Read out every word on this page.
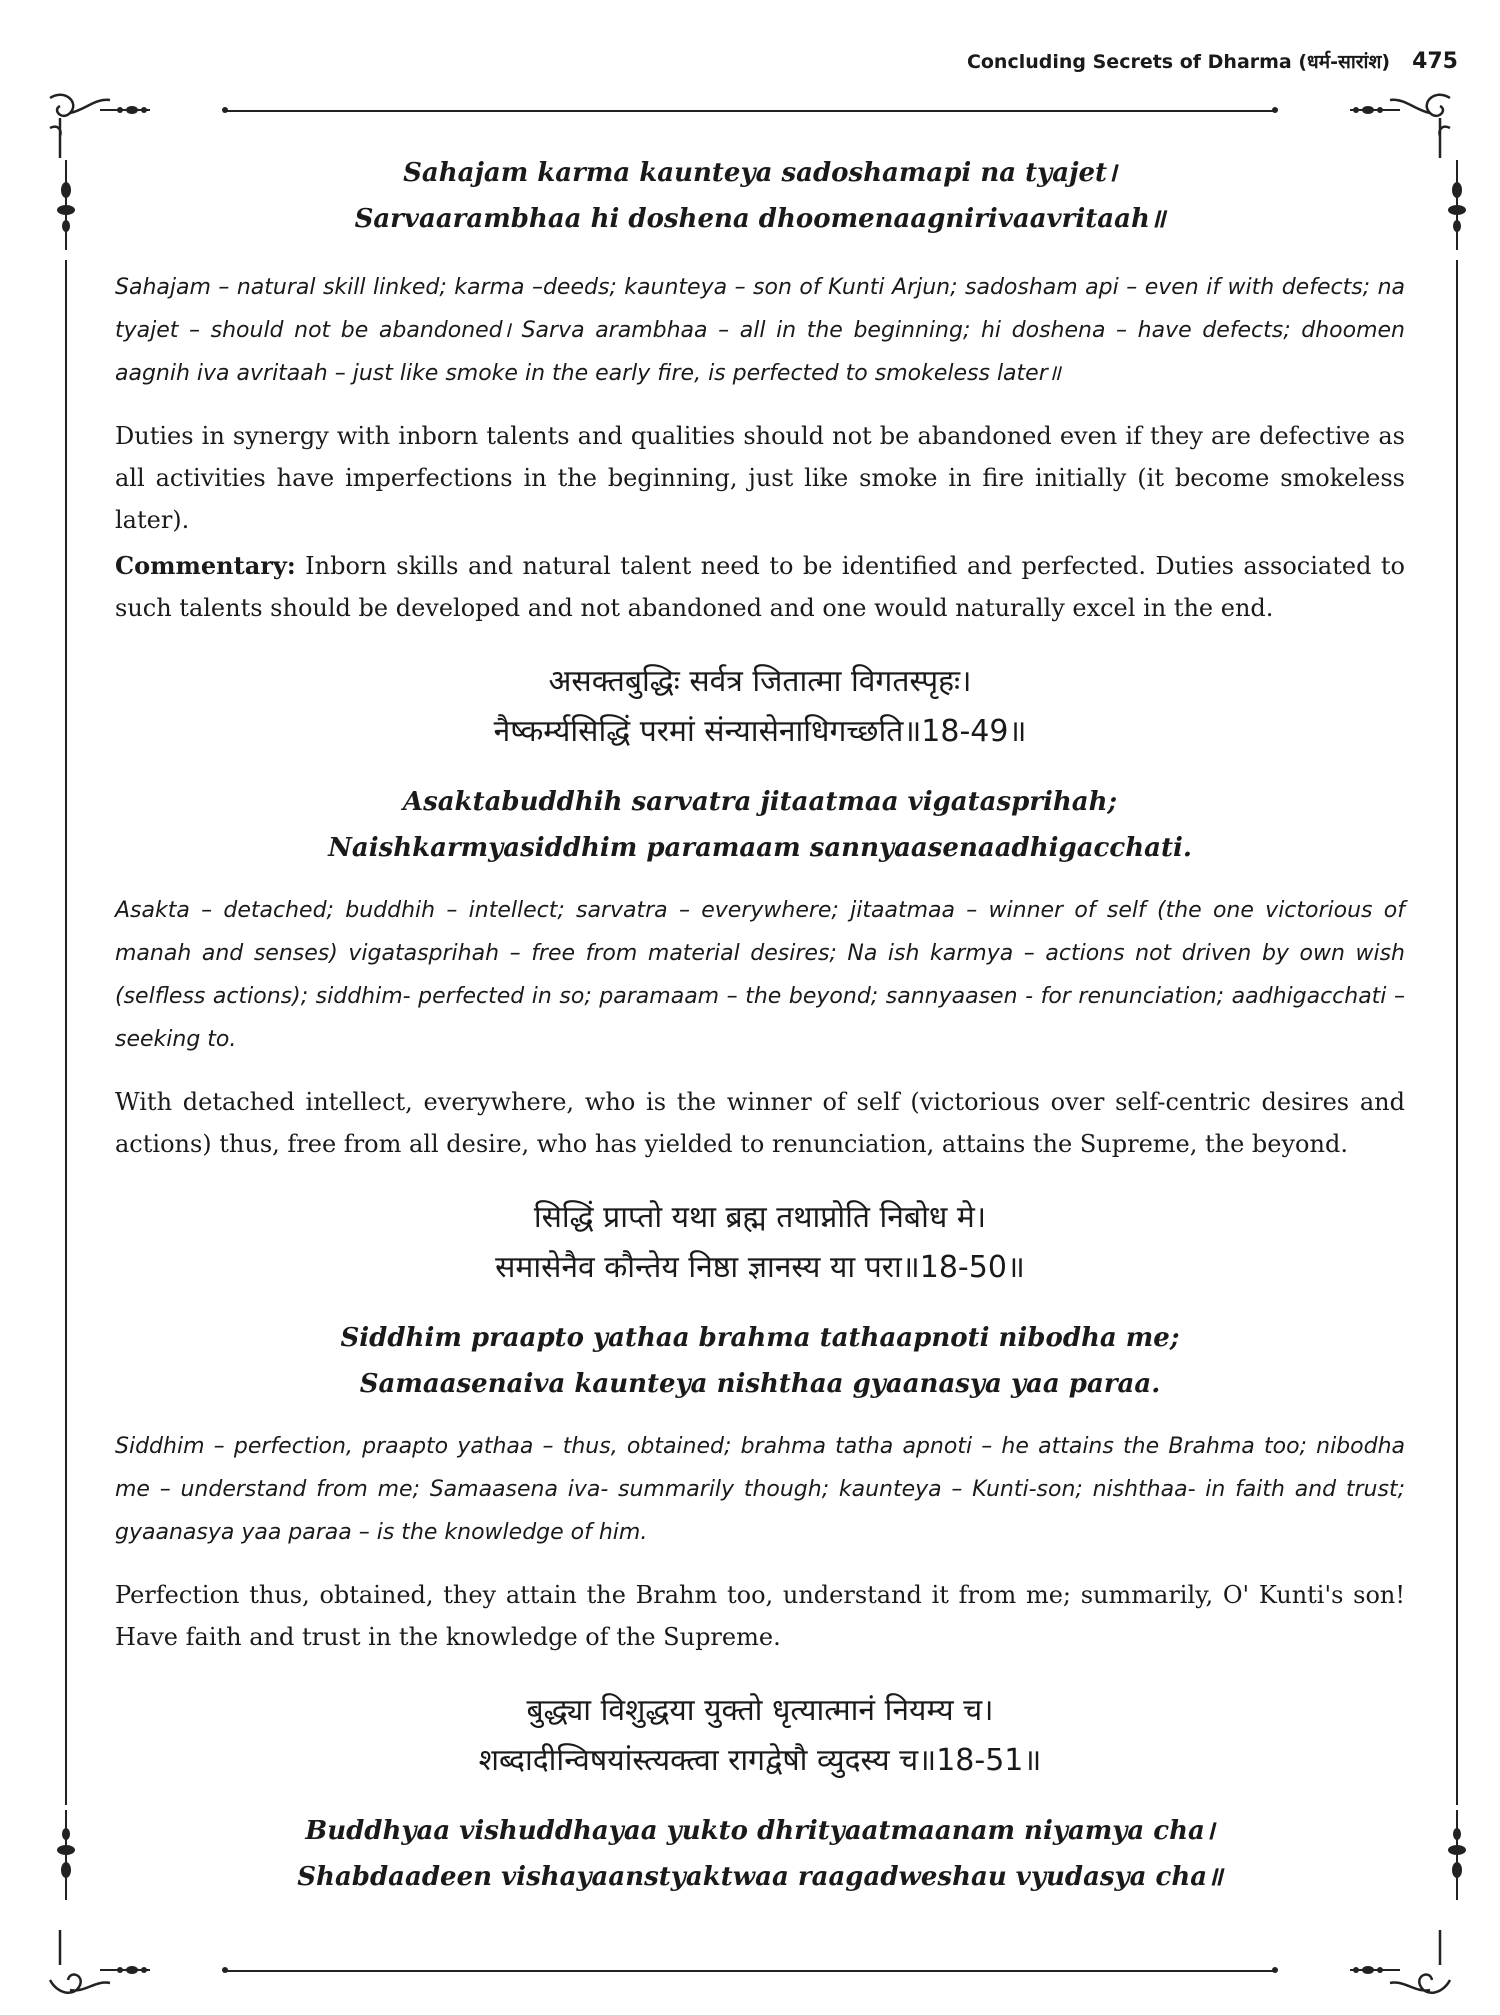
Concluding Secrets of Dharma (धर्म-सारांश) 475

Sahajam karma kaunteya sadoshamapi na tyajet।

Sarvaarambhaa hi doshena dhoomenaagnirivaavritaah॥

Sahajam – natural skill linked; karma –deeds; kaunteya – son of Kunti Arjun; sadosham api – even if with defects; na tyajet – should not be abandoned। Sarva arambhaa – all in the beginning; hi doshena – have defects; dhoomen aagnih iva avritaah – just like smoke in the early fire, is perfected to smokeless later॥

Duties in synergy with inborn talents and qualities should not be abandoned even if they are defective as all activities have imperfections in the beginning, just like smoke in fire initially (it become smokeless later).

Commentary: Inborn skills and natural talent need to be identified and perfected. Duties associated to such talents should be developed and not abandoned and one would naturally excel in the end.

असक्तबुद्धिः सर्वत्र जितात्मा विगतस्पृहः।

नैष्कर्म्यसिद्धिं परमां संन्यासेनाधिगच्छति॥18-49॥

Asaktabuddhih sarvatra jitaatmaa vigatasprihah;

Naishkarmyasiddhim paramaam sannyaasenaadhigacchati.

Asakta – detached; buddhih – intellect; sarvatra – everywhere; jitaatmaa – winner of self (the one victorious of manah and senses) vigatasprihah – free from material desires; Na ish karmya – actions not driven by own wish (selfless actions); siddhim- perfected in so; paramaam – the beyond; sannyaasen - for renunciation; aadhigacchati – seeking to.

With detached intellect, everywhere, who is the winner of self (victorious over self-centric desires and actions) thus, free from all desire, who has yielded to renunciation, attains the Supreme, the beyond.

सिद्धिं प्राप्तो यथा ब्रह्म तथाप्नोति निबोध मे।

समासेनैव कौन्तेय निष्ठा ज्ञानस्य या परा॥18-50॥

Siddhim praapto yathaa brahma tathaapnoti nibodha me;

Samaasenaiva kaunteya nishthaa gyaanasya yaa paraa.

Siddhim – perfection, praapto yathaa – thus, obtained; brahma tatha apnoti – he attains the Brahma too; nibodha me – understand from me; Samaasena iva- summarily though; kaunteya – Kunti-son; nishthaa- in faith and trust; gyaanasya yaa paraa – is the knowledge of him.

Perfection thus, obtained, they attain the Brahm too, understand it from me; summarily, O' Kunti's son! Have faith and trust in the knowledge of the Supreme.

बुद्ध्या विशुद्धया युक्तो धृत्यात्मानं नियम्य च।

शब्दादीन्विषयांस्त्यक्त्वा रागद्वेषौ व्युदस्य च॥18-51॥

Buddhyaa vishuddhayaa yukto dhrityaatmaanam niyamya cha।

Shabdaadeen vishayaanstyaktwaa raagadweshau vyudasya cha॥
